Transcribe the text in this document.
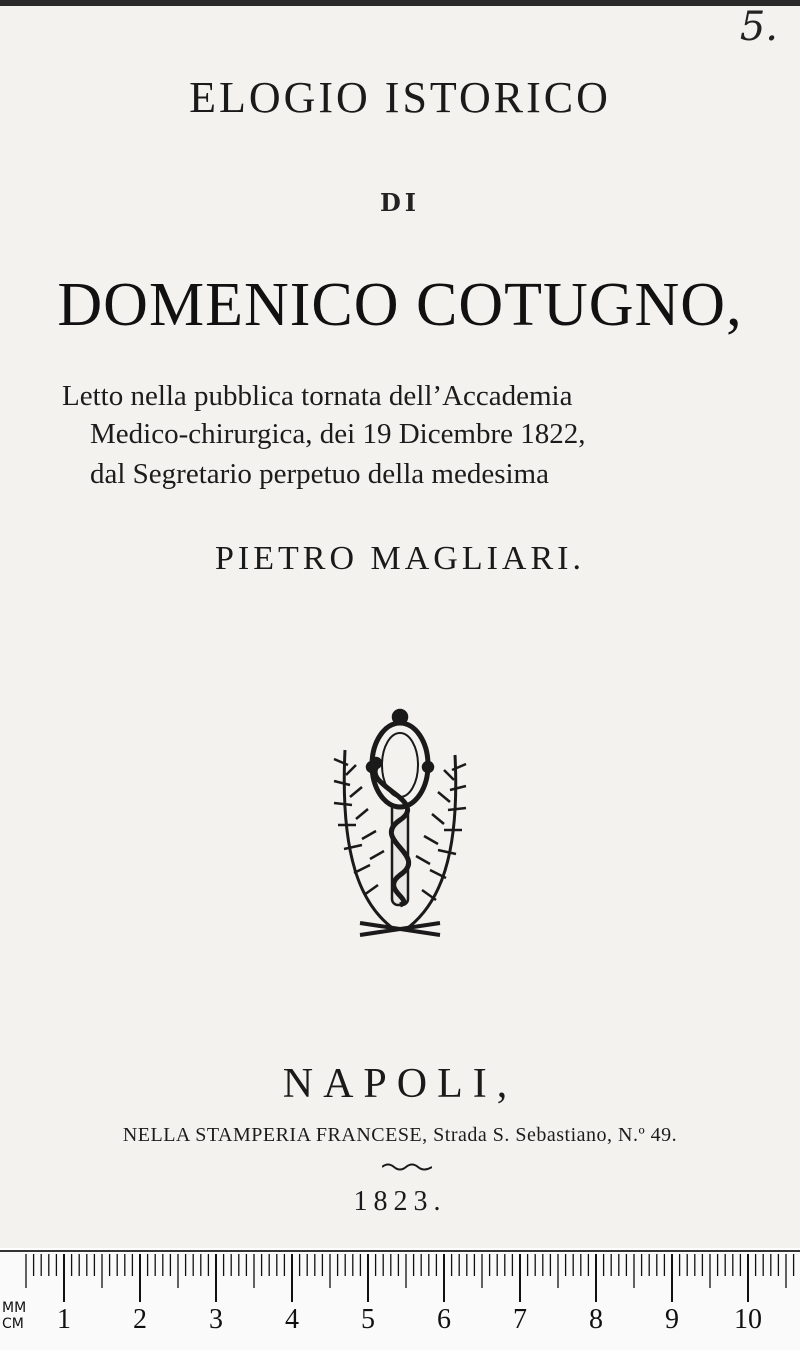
5.
ELOGIO ISTORICO
DI
DOMENICO COTUGNO,
Letto nella pubblica tornata dell’Accademia
Medico-chirurgica, dei 19 Dicembre 1822,
dal Segretario perpetuo della medesima
PIETRO MAGLIARI.
NAPOLI,
NELLA STAMPERIA FRANCESE, Strada S. Sebastiano, N.º 49.
1823.
MM
CM 1 2 3 4 5 6 7 8 9 10
